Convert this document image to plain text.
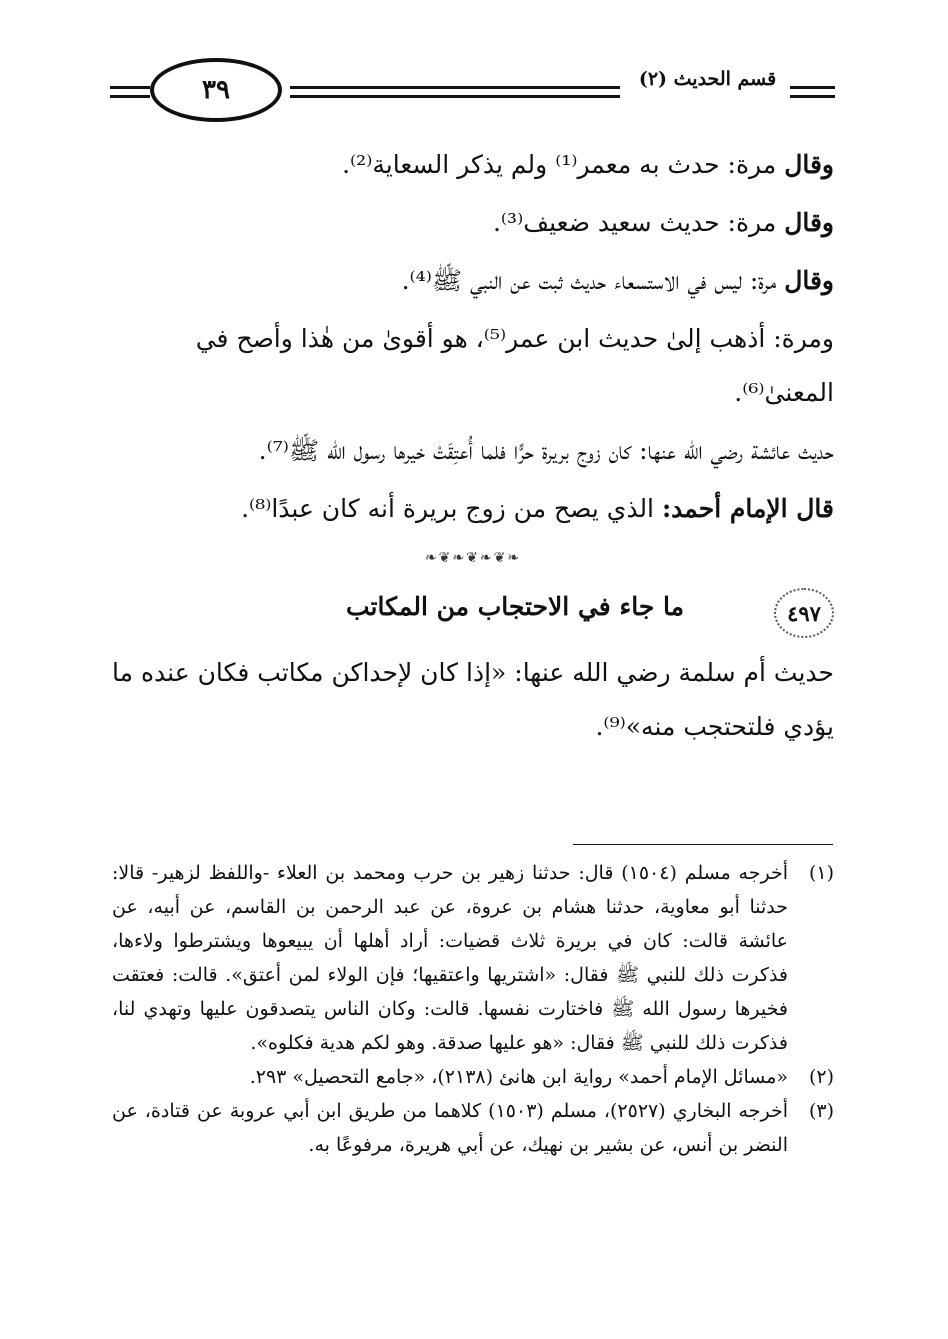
٣٩	قسم الحديث (٢)

وقال مرة: حدث به معمر⁽¹⁾ ولم يذكر السعاية⁽²⁾.

وقال مرة: حديث سعيد ضعيف⁽³⁾.

وقال مرة: ليس في الاستسعاء حديث ثبت عن النبي ﷺ⁽⁴⁾.

ومرة: أذهب إلىٰ حديث ابن عمر⁽⁵⁾، هو أقوىٰ من هٰذا وأصح في المعنىٰ⁽⁶⁾.

حديث عائشة رضي الله عنها: كان زوج بريرة حرًّا فلما أُعتِقَتْ خيرها رسول الله ﷺ⁽⁷⁾.

قال الإمام أحمد: الذي يصح من زوج بريرة أنه كان عبدًا⁽⁸⁾.

❧❦❧❦❧❦❧
٤٩٧
ما جاء في الاحتجاب من المكاتب

حديث أم سلمة رضي الله عنها: «إذا كان لإحداكن مكاتب فكان عنده ما يؤدي فلتحتجب منه»⁽⁹⁾.

(١)
أخرجه مسلم (١٥٠٤) قال: حدثنا زهير بن حرب ومحمد بن العلاء -واللفظ لزهير- قالا: حدثنا أبو معاوية، حدثنا هشام بن عروة، عن عبد الرحمن بن القاسم، عن أبيه، عن عائشة قالت: كان في بريرة ثلاث قضيات: أراد أهلها أن يبيعوها ويشترطوا ولاءها، فذكرت ذلك للنبي ﷺ فقال: «اشتريها واعتقيها؛ فإن الولاء لمن أعتق». قالت: فعتقت فخيرها رسول الله ﷺ فاختارت نفسها. قالت: وكان الناس يتصدقون عليها وتهدي لنا، فذكرت ذلك للنبي ﷺ فقال: «هو عليها صدقة. وهو لكم هدية فكلوه».

(٢)
«مسائل الإمام أحمد» رواية ابن هانئ (٢١٣٨)، «جامع التحصيل» ٢٩٣.

(٣)
أخرجه البخاري (٢٥٢٧)، مسلم (١٥٠٣) كلاهما من طريق ابن أبي عروبة عن قتادة، عن النضر بن أنس، عن بشير بن نهيك، عن أبي هريرة، مرفوعًا به.
